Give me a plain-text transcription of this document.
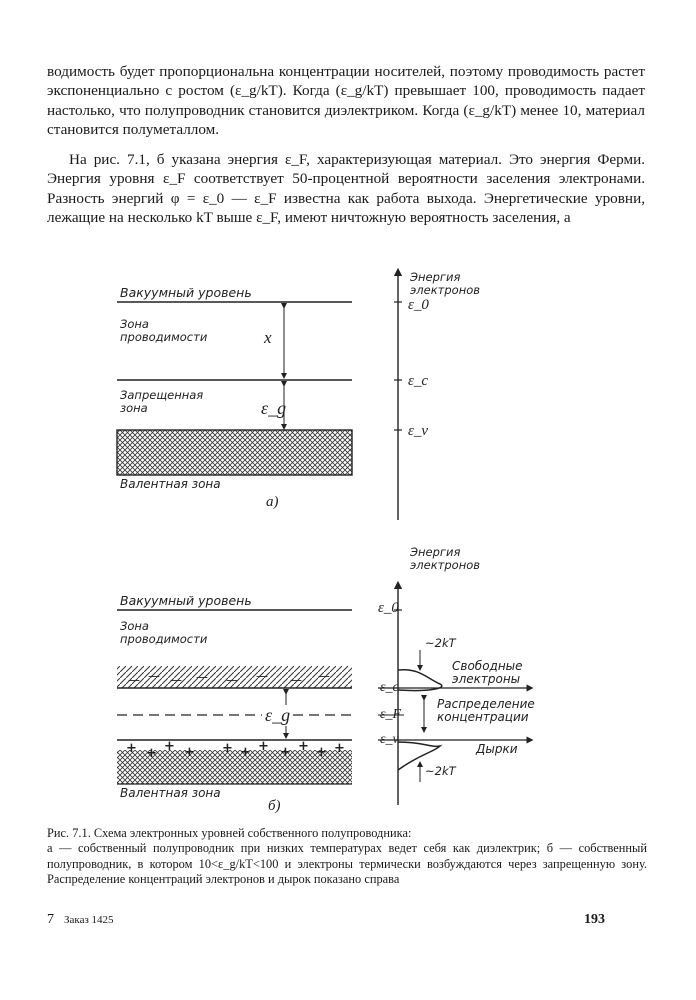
водимость будет пропорциональна концентрации носителей, поэтому проводимость растет экспоненциально с ростом (ε_g/kT). Когда (ε_g/kT) превышает 100, проводимость падает настолько, что полупроводник становится диэлектриком. Когда (ε_g/kT) менее 10, материал становится полуметаллом.
На рис. 7.1, б указана энергия ε_F, характеризующая материал. Это энергия Ферми. Энергия уровня ε_F соответствует 50-процентной вероятности заселения электронами. Разность энергий φ = ε_0 — ε_F известна как работа выхода. Энергетические уровни, лежащие на несколько kT выше ε_F, имеют ничтожную вероятность заселения, а
— — — — — — — —
+ + + + + + + + + + +
Вакуумный уровень
Зона
проводимости
Запрещенная
зона
Валентная зона
x
ε_g
Энергия
электронов
ε_0
ε_c
ε_v
а)
Вакуумный уровень
Зона
проводимости
Валентная зона
ε_g
Энергия
электронов
ε_0
ε_c
ε_F
ε_v
~2kT
~2kT
Свободные
электроны
Распределение
концентрации
Дырки
б)
Рис. 7.1. Схема электронных уровней собственного полупроводника:
а — собственный полупроводник при низких температурах ведет себя как диэлектрик; б — собственный полупроводник, в котором 10<ε_g/kT<100 и электроны термически возбуждаются через запрещенную зону. Распределение концентраций электронов и дырок показано справа
7 Заказ 1425	193
